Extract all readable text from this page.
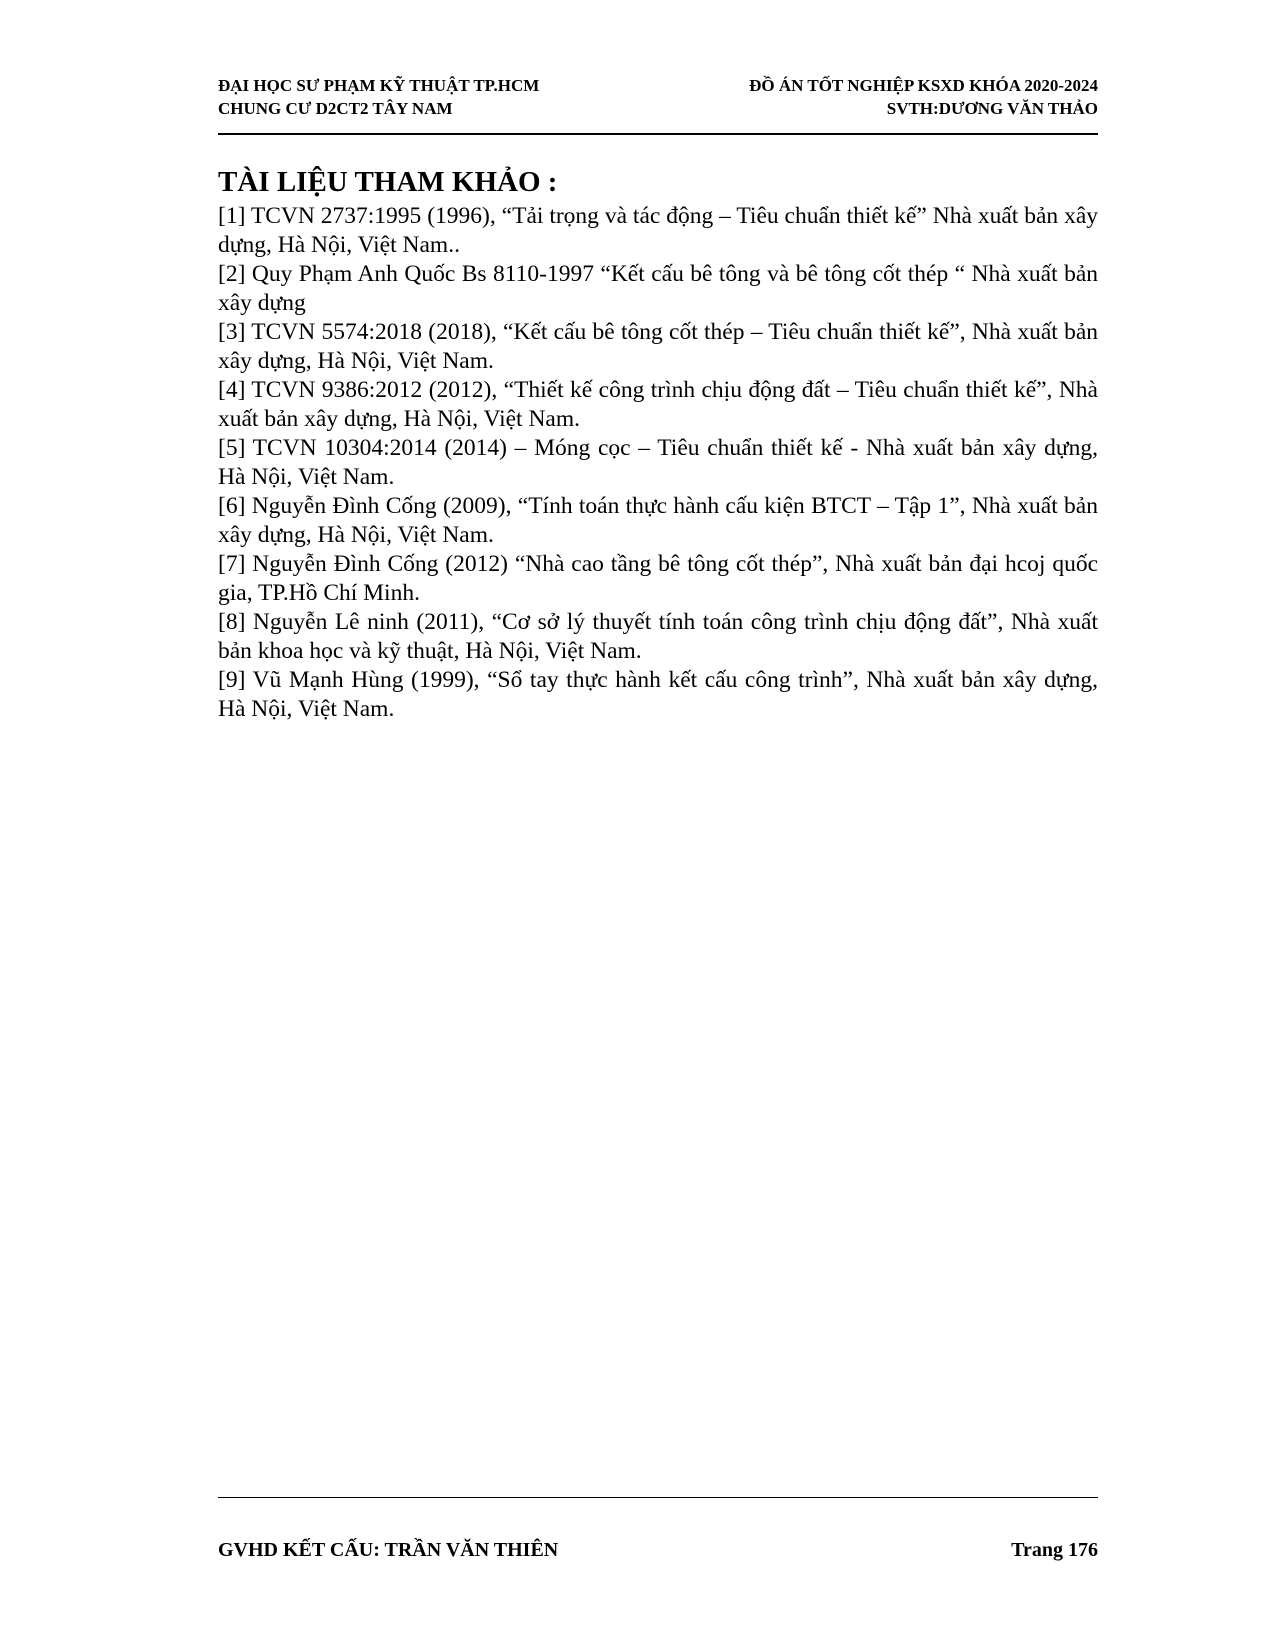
ĐẠI HỌC SƯ PHẠM KỸ THUẬT TP.HCM
CHUNG CƯ D2CT2 TÂY NAM
ĐỒ ÁN TỐT NGHIỆP KSXD KHÓA 2020-2024
SVTH:DƯƠNG VĂN THẢO
TÀI LIỆU THAM KHẢO :
[1] TCVN 2737:1995 (1996), “Tải trọng và tác động – Tiêu chuẩn thiết kế” Nhà xuất bản xây dựng, Hà Nội, Việt Nam..
[2] Quy Phạm Anh Quốc Bs 8110-1997 “Kết cấu bê tông và bê tông cốt thép “ Nhà xuất bản xây dựng
[3] TCVN 5574:2018 (2018), “Kết cấu bê tông cốt thép – Tiêu chuẩn thiết kế”, Nhà xuất bản xây dựng, Hà Nội, Việt Nam.
[4] TCVN 9386:2012 (2012), “Thiết kế công trình chịu động đất – Tiêu chuẩn thiết kế”, Nhà xuất bản xây dựng, Hà Nội, Việt Nam.
[5] TCVN 10304:2014 (2014) – Móng cọc – Tiêu chuẩn thiết kế - Nhà xuất bản xây dựng, Hà Nội, Việt Nam.
[6] Nguyễn Đình Cống (2009), “Tính toán thực hành cấu kiện BTCT – Tập 1”, Nhà xuất bản xây dựng, Hà Nội, Việt Nam.
[7] Nguyễn Đình Cống (2012) “Nhà cao tầng bê tông cốt thép”, Nhà xuất bản đại hcoj quốc gia, TP.Hồ Chí Minh.
[8] Nguyễn Lê ninh (2011), “Cơ sở lý thuyết tính toán công trình chịu động đất”, Nhà xuất bản khoa học và kỹ thuật, Hà Nội, Việt Nam.
[9] Vũ Mạnh Hùng (1999), “Sổ tay thực hành kết cấu công trình”, Nhà xuất bản xây dựng, Hà Nội, Việt Nam.
GVHD KẾT CẤU: TRẦN VĂN THIÊN	Trang 176
